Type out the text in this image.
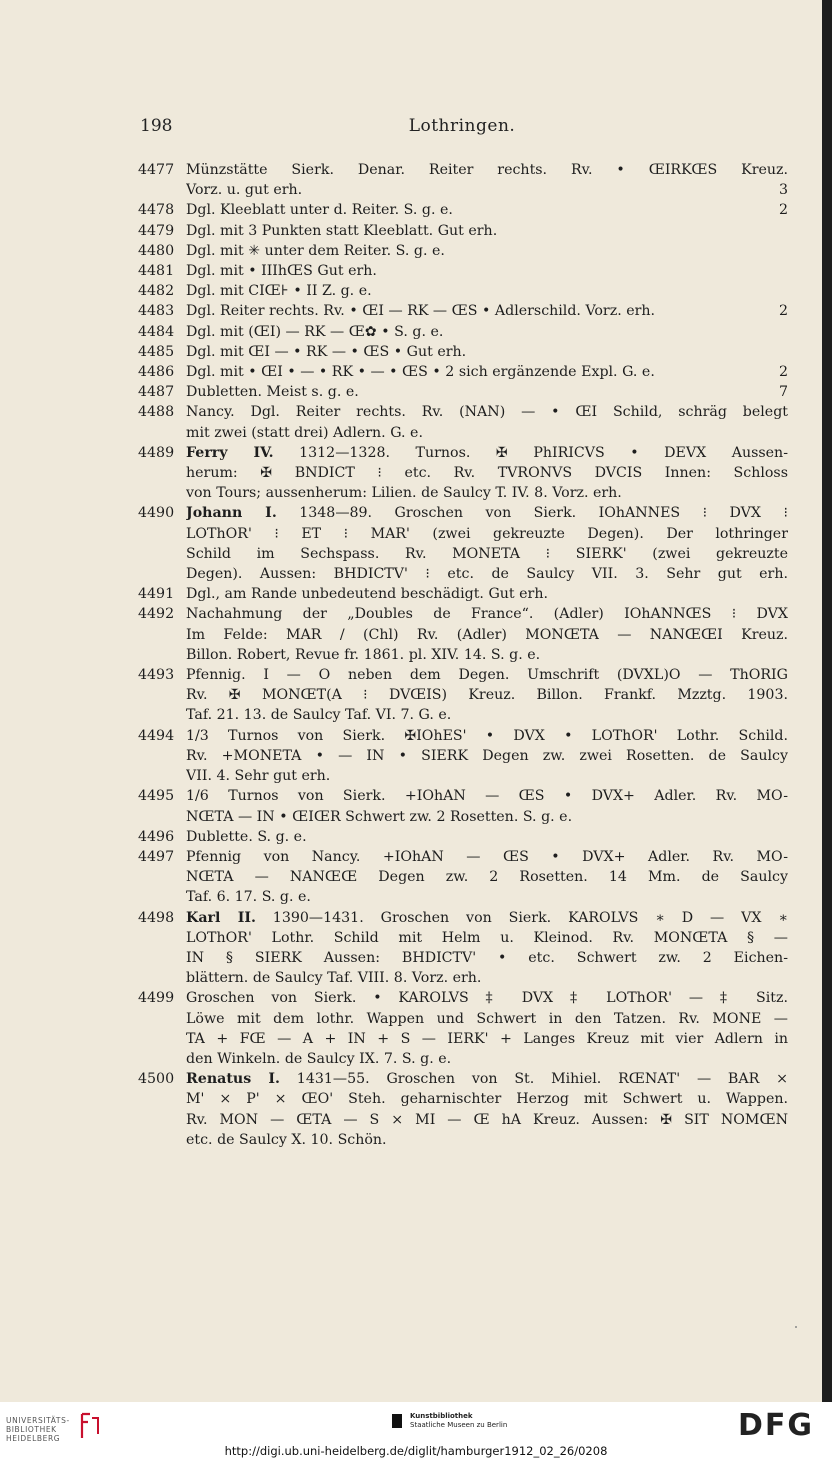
198	Lothringen.
4477 Münzstätte Sierk. Denar. Reiter rechts. Rv. • ŒIRKŒS Kreuz.
Vorz. u. gut erh.	3
4478 Dgl. Kleeblatt unter d. Reiter. S. g. e.	2
4479 Dgl. mit 3 Punkten statt Kleeblatt. Gut erh.
4480 Dgl. mit ✳ unter dem Reiter. S. g. e.
4481 Dgl. mit • IIIhŒS Gut erh.
4482 Dgl. mit CIŒ⊦ • II Z. g. e.
4483 Dgl. Reiter rechts. Rv. • ŒI — RK — ŒS • Adlerschild. Vorz. erh.	2
4484 Dgl. mit (ŒI) — RK — Œ✿ • S. g. e.
4485 Dgl. mit ŒI — • RK — • ŒS • Gut erh.
4486 Dgl. mit • ŒI • — • RK • — • ŒS • 2 sich ergänzende Expl. G. e.	2
4487 Dubletten. Meist s. g. e.	7
4488 Nancy. Dgl. Reiter rechts. Rv. (NAN) — • ŒI Schild, schräg belegt
mit zwei (statt drei) Adlern. G. e.
4489 Ferry IV. 1312—1328. Turnos. ✠ PhIRICVS • DEVX Aussen-
herum: ✠ BNDICT ⁝ etc. Rv. TVRONVS DVCIS Innen: Schloss
von Tours; aussenherum: Lilien. de Saulcy T. IV. 8. Vorz. erh.
4490 Johann I. 1348—89. Groschen von Sierk. IOhANNES ⁝ DVX ⁝
LOThOR' ⁝ ET ⁝ MAR' (zwei gekreuzte Degen). Der lothringer
Schild im Sechspass. Rv. MONETA ⁝ SIERK' (zwei gekreuzte
Degen). Aussen: BHDICTV' ⁝ etc. de Saulcy VII. 3. Sehr gut erh.
4491 Dgl., am Rande unbedeutend beschädigt. Gut erh.
4492 Nachahmung der „Doubles de France“. (Adler) IOhANNŒS ⁝ DVX
Im Felde: MAR / (Chl) Rv. (Adler) MONŒTA — NANŒŒI Kreuz.
Billon. Robert, Revue fr. 1861. pl. XIV. 14. S. g. e.
4493 Pfennig. I — O neben dem Degen. Umschrift (DVXL)O — ThORIG
Rv. ✠ MONŒT(A ⁝ DVŒIS) Kreuz. Billon. Frankf. Mzztg. 1903.
Taf. 21. 13. de Saulcy Taf. VI. 7. G. e.
4494 1/3 Turnos von Sierk. ✠IOhES' • DVX • LOThOR' Lothr. Schild.
Rv. +MONETA • — IN • SIERK Degen zw. zwei Rosetten. de Saulcy
VII. 4. Sehr gut erh.
4495 1/6 Turnos von Sierk. +IOhAN — ŒS • DVX+ Adler. Rv. MO-
NŒTA — IN • ŒIŒR Schwert zw. 2 Rosetten. S. g. e.
4496 Dublette. S. g. e.
4497 Pfennig von Nancy. +IOhAN — ŒS • DVX+ Adler. Rv. MO-
NŒTA — NANŒŒ Degen zw. 2 Rosetten. 14 Mm. de Saulcy
Taf. 6. 17. S. g. e.
4498 Karl II. 1390—1431. Groschen von Sierk. KAROLVS ∗ D — VX ∗
LOThOR' Lothr. Schild mit Helm u. Kleinod. Rv. MONŒTA § —
IN § SIERK Aussen: BHDICTV' • etc. Schwert zw. 2 Eichen-
blättern. de Saulcy Taf. VIII. 8. Vorz. erh.
4499 Groschen von Sierk. • KAROLVS ‡ DVX ‡ LOThOR' — ‡ Sitz.
Löwe mit dem lothr. Wappen und Schwert in den Tatzen. Rv. MONE —
TA + FŒ — A + IN + S — IERK' + Langes Kreuz mit vier Adlern in
den Winkeln. de Saulcy IX. 7. S. g. e.
4500 Renatus I. 1431—55. Groschen von St. Mihiel. RŒNAT' — BAR ×
M' × P' × ŒO' Steh. geharnischter Herzog mit Schwert u. Wappen.
Rv. MON — ŒTA — S × MI — Œ hA Kreuz. Aussen: ✠ SIT NOMŒN
etc. de Saulcy X. 10. Schön.
UNIVERSITÄTS-
BIBLIOTHEK
HEIDELBERG
Kunstbibliothek
Staatliche Museen zu Berlin	DFG
http://digi.ub.uni-heidelberg.de/diglit/hamburger1912_02_26/0208
